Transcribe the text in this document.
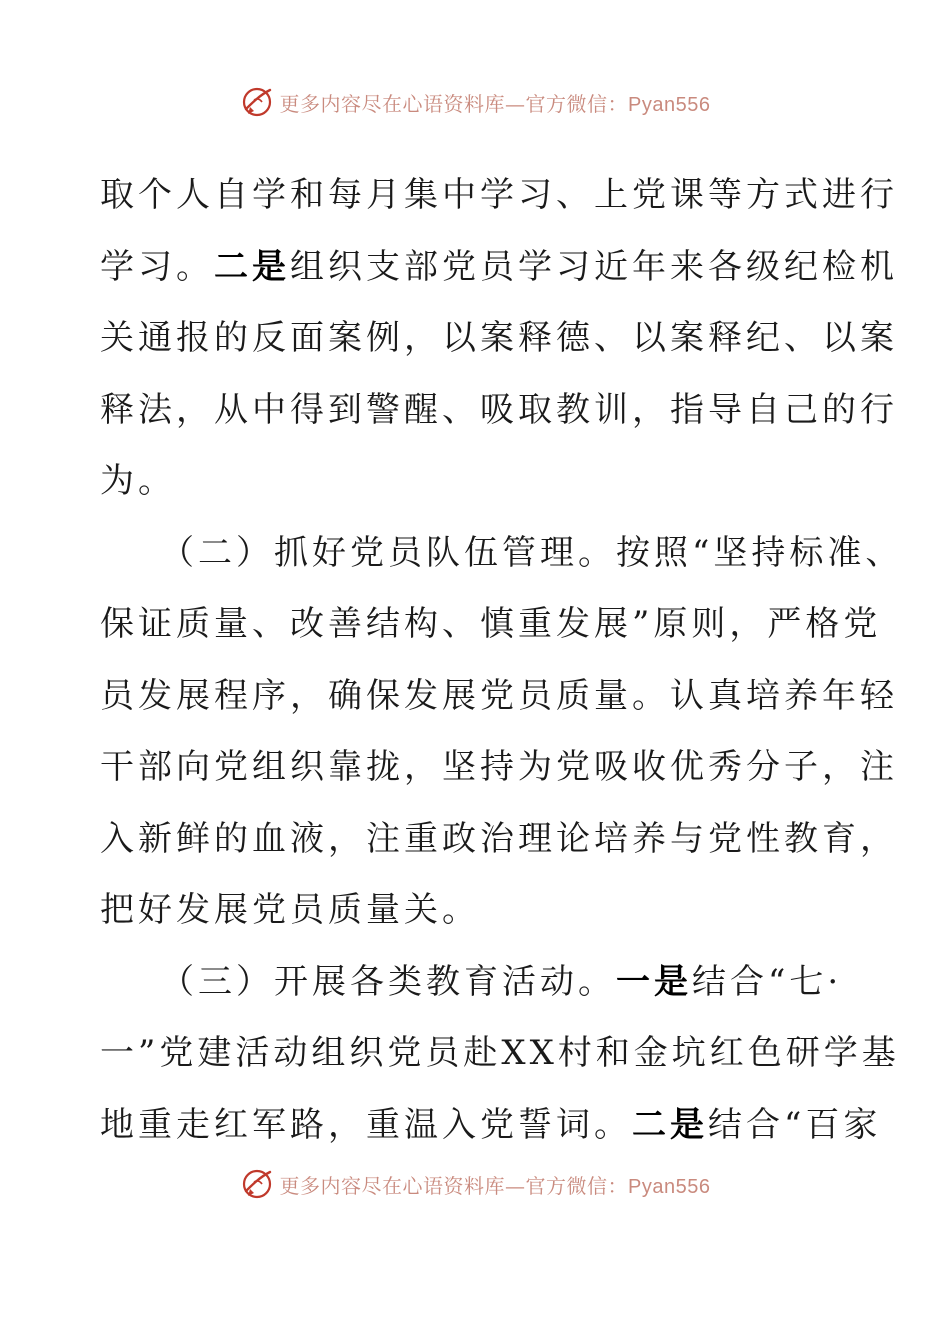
更多内容尽在心语资料库—官方微信：Pyan556
取个人自学和每月集中学习、上党课等方式进行
学习。二是组织支部党员学习近年来各级纪检机
关通报的反面案例，以案释德、以案释纪、以案
释法，从中得到警醒、吸取教训，指导自己的行
为。
（二）抓好党员队伍管理。按照“坚持标准、
保证质量、改善结构、慎重发展”原则，严格党
员发展程序，确保发展党员质量。认真培养年轻
干部向党组织靠拢，坚持为党吸收优秀分子，注
入新鲜的血液，注重政治理论培养与党性教育，
把好发展党员质量关。
（三）开展各类教育活动。一是结合“七·
一”党建活动组织党员赴XX村和金坑红色研学基
地重走红军路，重温入党誓词。二是结合“百家
更多内容尽在心语资料库—官方微信：Pyan556
